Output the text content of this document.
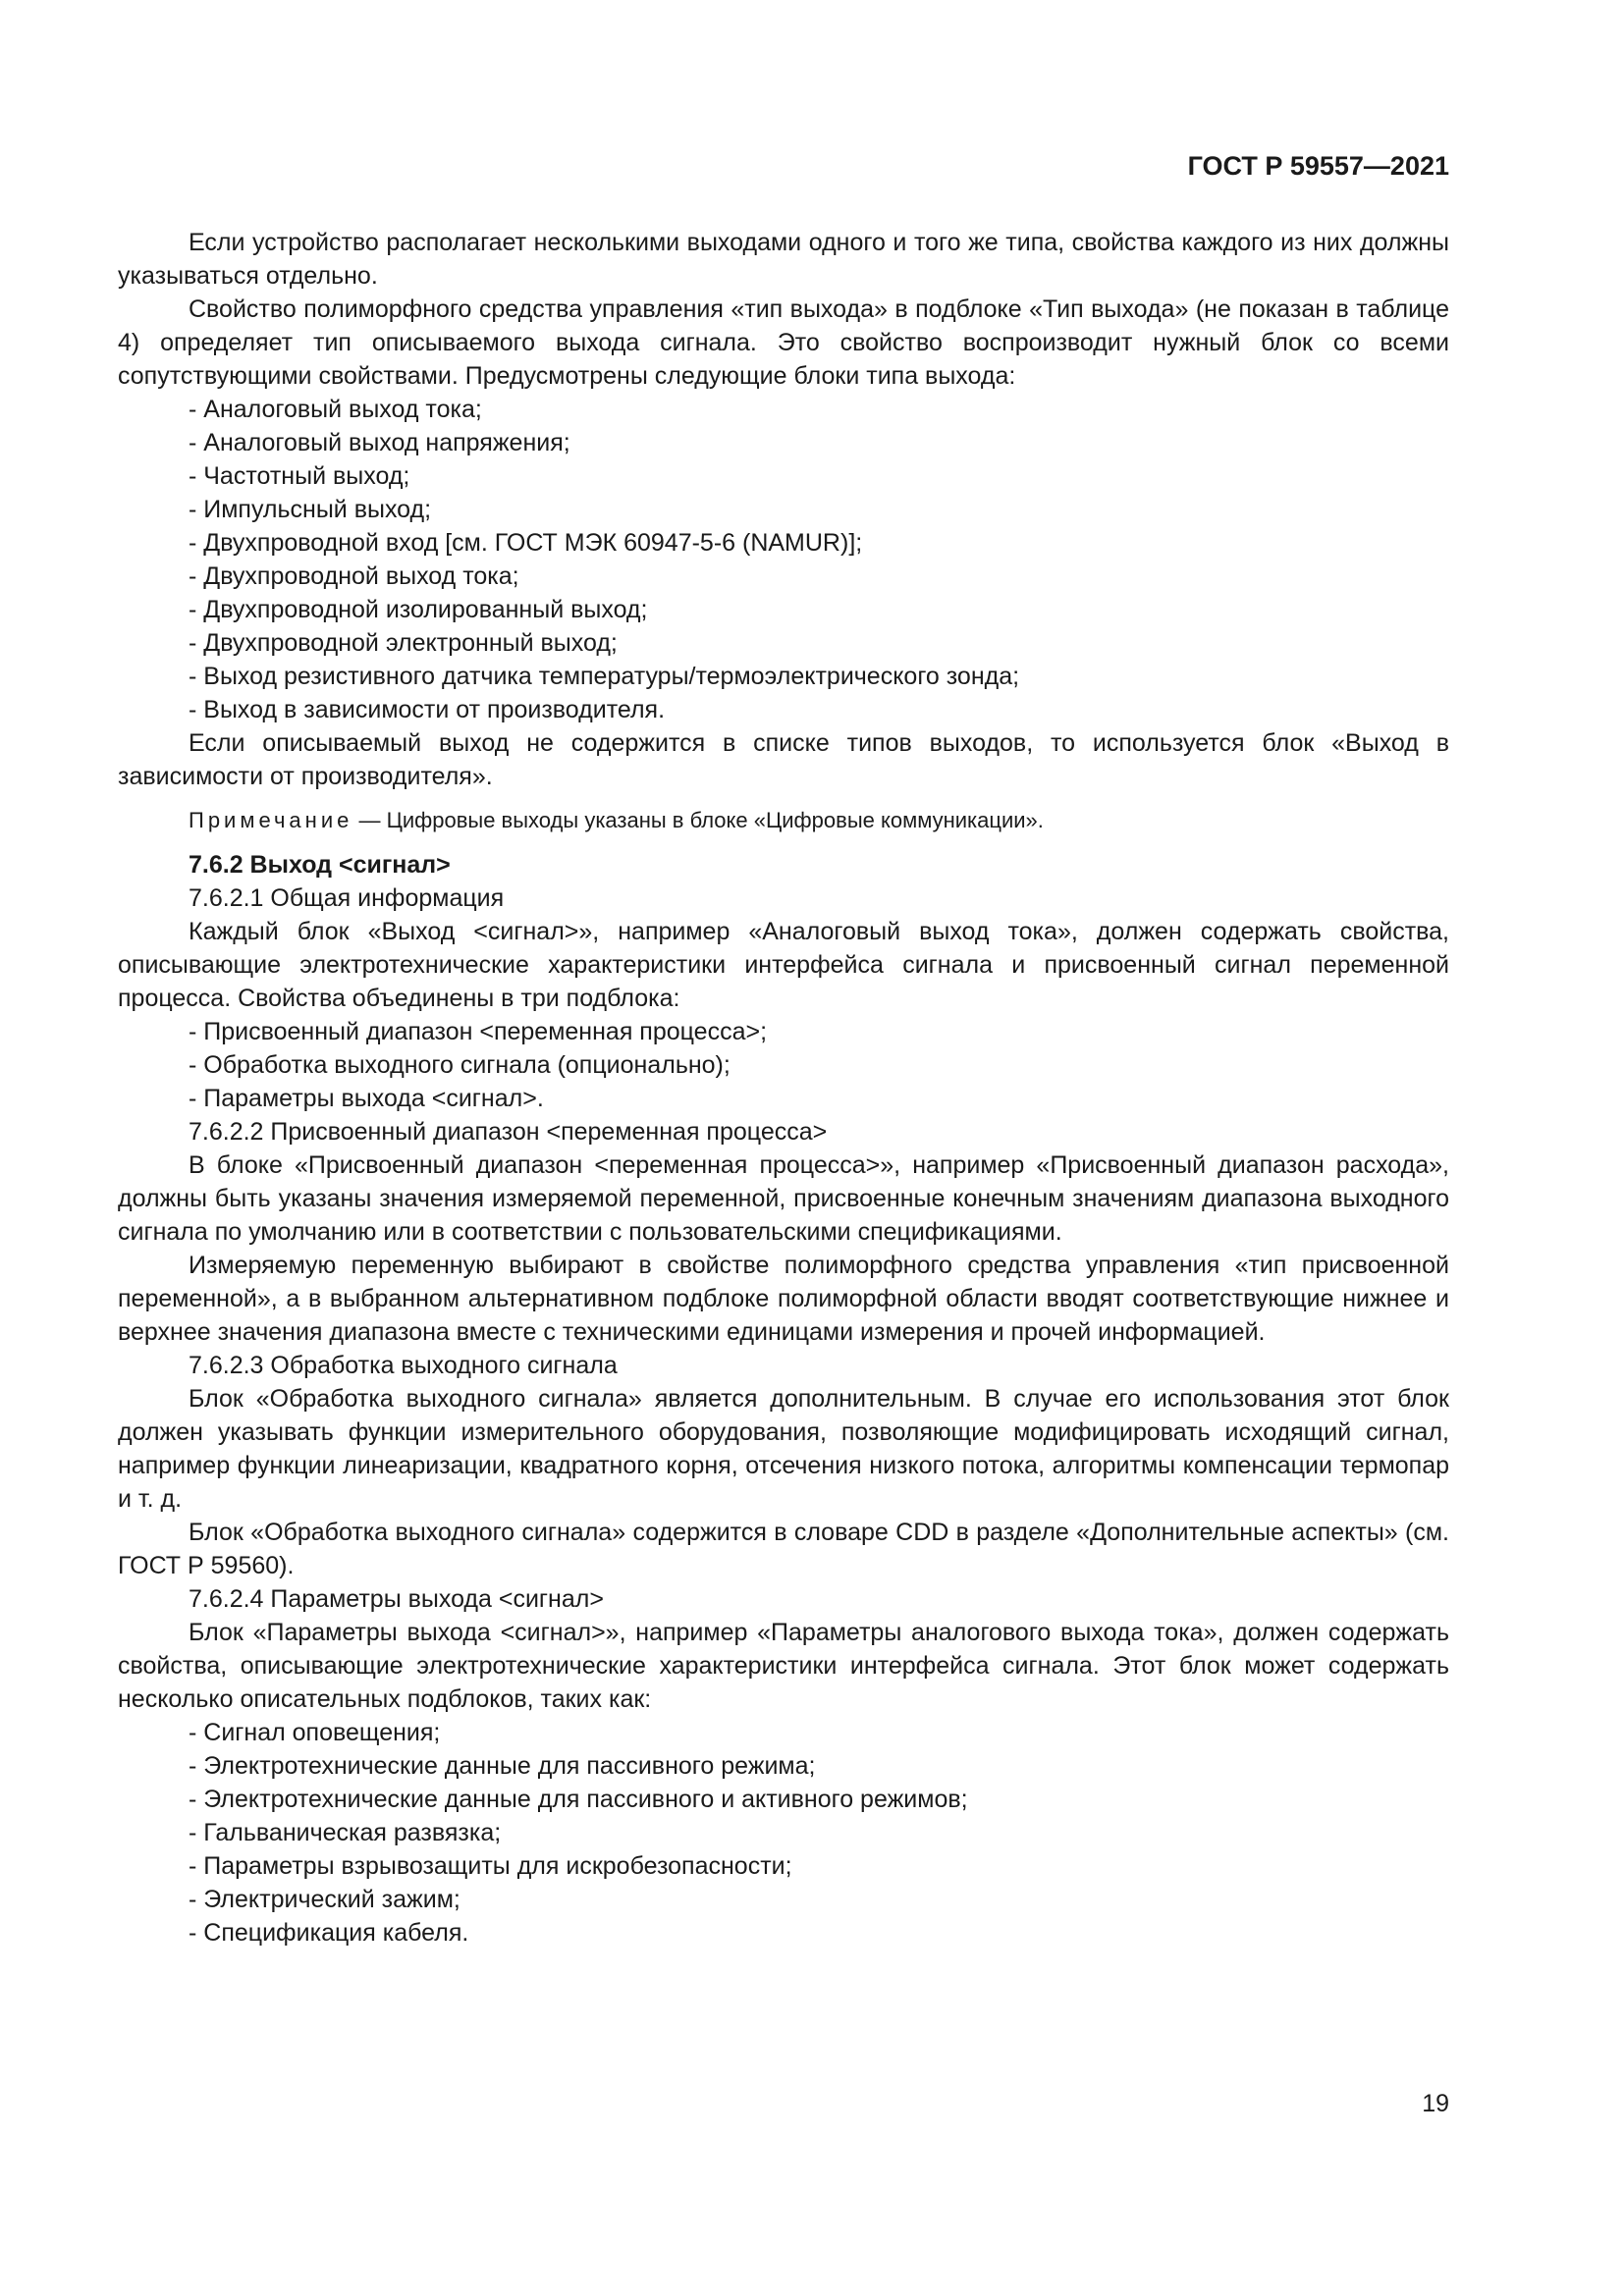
ГОСТ Р 59557—2021

Если устройство располагает несколькими выходами одного и того же типа, свойства каждого из них должны указываться отдельно.

Свойство полиморфного средства управления «тип выхода» в подблоке «Тип выхода» (не показан в таблице 4) определяет тип описываемого выхода сигнала. Это свойство воспроизводит нужный блок со всеми сопутствующими свойствами. Предусмотрены следующие блоки типа выхода:

- Аналоговый выход тока;

- Аналоговый выход напряжения;

- Частотный выход;

- Импульсный выход;

- Двухпроводной вход [см. ГОСТ МЭК 60947-5-6 (NAMUR)];

- Двухпроводной выход тока;

- Двухпроводной изолированный выход;

- Двухпроводной электронный выход;

- Выход резистивного датчика температуры/термоэлектрического зонда;

- Выход в зависимости от производителя.

Если описываемый выход не содержится в списке типов выходов, то используется блок «Выход в зависимости от производителя».

Примечание — Цифровые выходы указаны в блоке «Цифровые коммуникации».

7.6.2 Выход <сигнал>

7.6.2.1 Общая информация

Каждый блок «Выход <сигнал>», например «Аналоговый выход тока», должен содержать свойства, описывающие электротехнические характеристики интерфейса сигнала и присвоенный сигнал переменной процесса. Свойства объединены в три подблока:

- Присвоенный диапазон <переменная процесса>;

- Обработка выходного сигнала (опционально);

- Параметры выхода <сигнал>.

7.6.2.2 Присвоенный диапазон <переменная процесса>

В блоке «Присвоенный диапазон <переменная процесса>», например «Присвоенный диапазон расхода», должны быть указаны значения измеряемой переменной, присвоенные конечным значениям диапазона выходного сигнала по умолчанию или в соответствии с пользовательскими спецификациями.

Измеряемую переменную выбирают в свойстве полиморфного средства управления «тип присвоенной переменной», а в выбранном альтернативном подблоке полиморфной области вводят соответствующие нижнее и верхнее значения диапазона вместе с техническими единицами измерения и прочей информацией.

7.6.2.3 Обработка выходного сигнала

Блок «Обработка выходного сигнала» является дополнительным. В случае его использования этот блок должен указывать функции измерительного оборудования, позволяющие модифицировать исходящий сигнал, например функции линеаризации, квадратного корня, отсечения низкого потока, алгоритмы компенсации термопар и т. д.

Блок «Обработка выходного сигнала» содержится в словаре CDD в разделе «Дополнительные аспекты» (см. ГОСТ Р 59560).

7.6.2.4 Параметры выхода <сигнал>

Блок «Параметры выхода <сигнал>», например «Параметры аналогового выхода тока», должен содержать свойства, описывающие электротехнические характеристики интерфейса сигнала. Этот блок может содержать несколько описательных подблоков, таких как:

- Сигнал оповещения;

- Электротехнические данные для пассивного режима;

- Электротехнические данные для пассивного и активного режимов;

- Гальваническая развязка;

- Параметры взрывозащиты для искробезопасности;

- Электрический зажим;

- Спецификация кабеля.

19
